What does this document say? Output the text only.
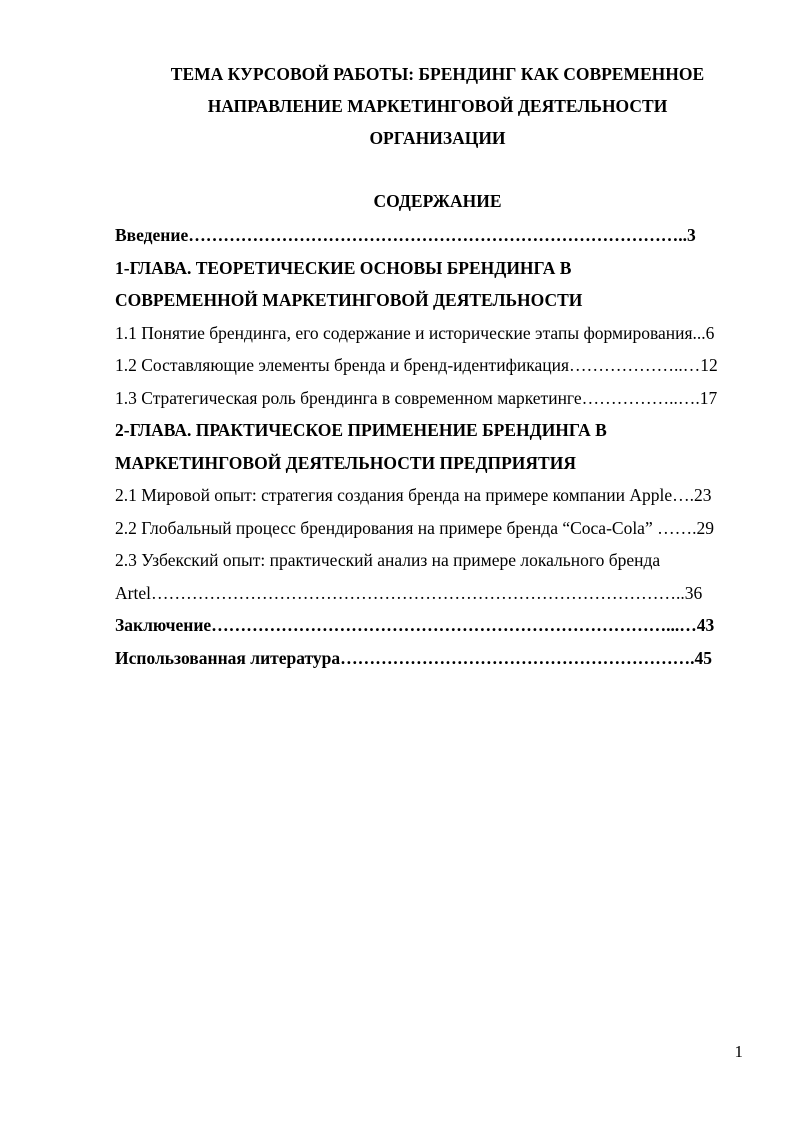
ТЕМА КУРСОВОЙ РАБОТЫ: БРЕНДИНГ КАК СОВРЕМЕННОЕ
НАПРАВЛЕНИЕ МАРКЕТИНГОВОЙ ДЕЯТЕЛЬНОСТИ
ОРГАНИЗАЦИИ
СОДЕРЖАНИЕ
Введение…………………………………………………………………………..3
1-ГЛАВА. ТЕОРЕТИЧЕСКИЕ ОСНОВЫ БРЕНДИНГА В
СОВРЕМЕННОЙ МАРКЕТИНГОВОЙ ДЕЯТЕЛЬНОСТИ
1.1 Понятие брендинга, его содержание и исторические этапы формирования...6
1.2 Составляющие элементы бренда и бренд-идентификация………………..…12
1.3 Стратегическая роль брендинга в современном маркетинге……………..….17
2-ГЛАВА. ПРАКТИЧЕСКОЕ ПРИМЕНЕНИЕ БРЕНДИНГА В
МАРКЕТИНГОВОЙ ДЕЯТЕЛЬНОСТИ ПРЕДПРИЯТИЯ
2.1 Мировой опыт: стратегия создания бренда на примере компании Apple….23
2.2 Глобальный процесс брендирования на примере бренда “Coca-Cola” …….29
2.3 Узбекский опыт: практический анализ на примере локального бренда
Artel………………………………………………………………………………..36
Заключение……………………………………………………………………...…43
Использованная литература…………………………………………………….45
1
